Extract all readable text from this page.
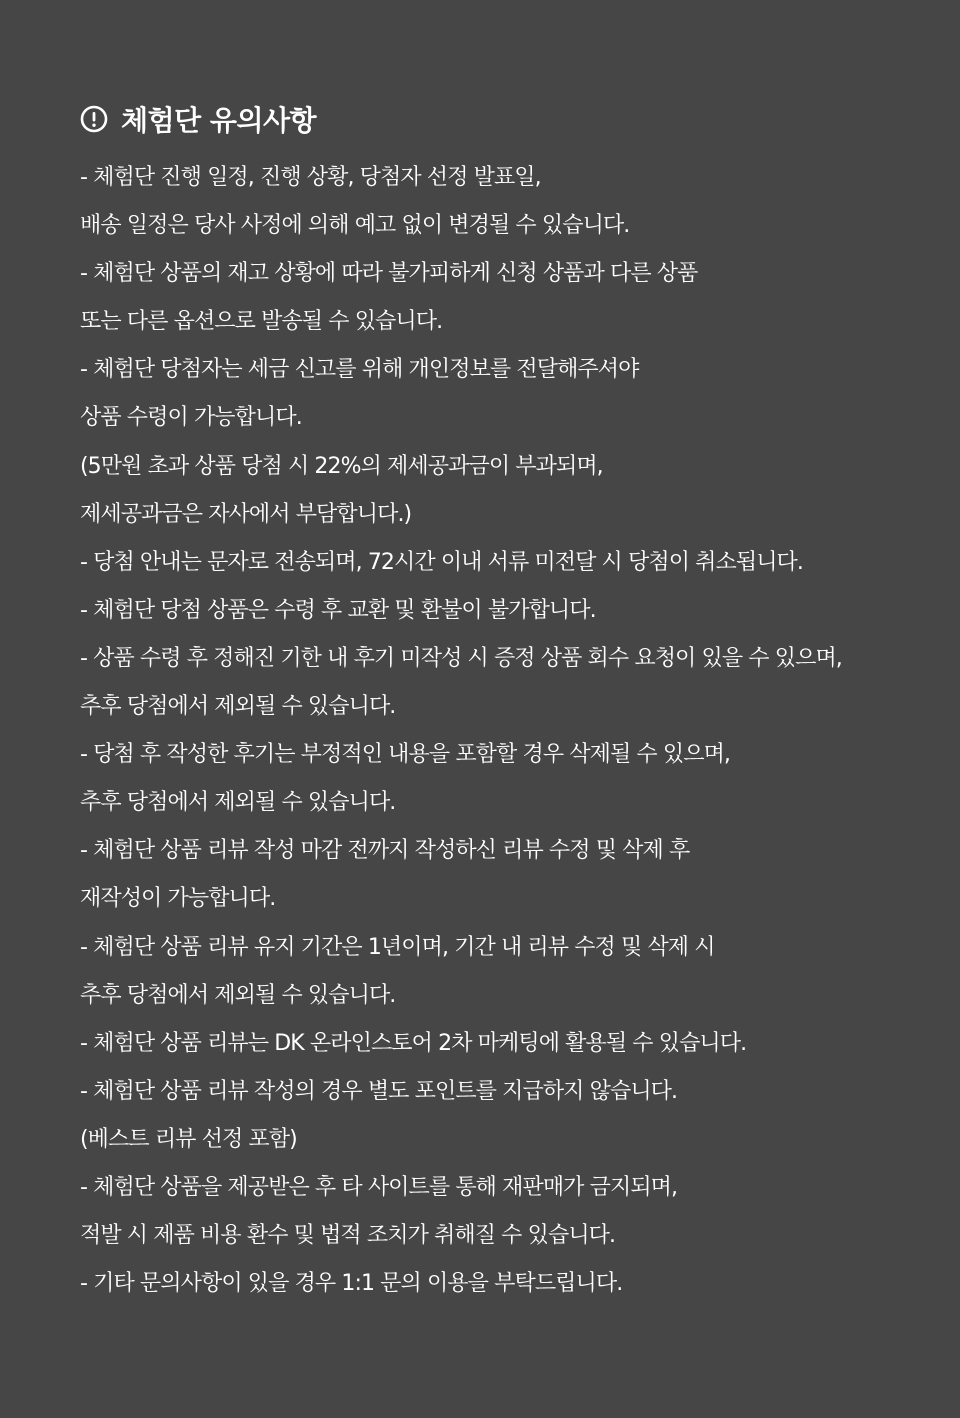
체험단 유의사항
- 체험단 진행 일정, 진행 상황, 당첨자 선정 발표일,
배송 일정은 당사 사정에 의해 예고 없이 변경될 수 있습니다.
- 체험단 상품의 재고 상황에 따라 불가피하게 신청 상품과 다른 상품
또는 다른 옵션으로 발송될 수 있습니다.
- 체험단 당첨자는 세금 신고를 위해 개인정보를 전달해주셔야
상품 수령이 가능합니다.
(5만원 초과 상품 당첨 시 22%의 제세공과금이 부과되며,
제세공과금은 자사에서 부담합니다.)
- 당첨 안내는 문자로 전송되며, 72시간 이내 서류 미전달 시 당첨이 취소됩니다.
- 체험단 당첨 상품은 수령 후 교환 및 환불이 불가합니다.
- 상품 수령 후 정해진 기한 내 후기 미작성 시 증정 상품 회수 요청이 있을 수 있으며,
추후 당첨에서 제외될 수 있습니다.
- 당첨 후 작성한 후기는 부정적인 내용을 포함할 경우 삭제될 수 있으며,
추후 당첨에서 제외될 수 있습니다.
- 체험단 상품 리뷰 작성 마감 전까지 작성하신 리뷰 수정 및 삭제 후
재작성이 가능합니다.
- 체험단 상품 리뷰 유지 기간은 1년이며, 기간 내 리뷰 수정 및 삭제 시
추후 당첨에서 제외될 수 있습니다.
- 체험단 상품 리뷰는 DK 온라인스토어 2차 마케팅에 활용될 수 있습니다.
- 체험단 상품 리뷰 작성의 경우 별도 포인트를 지급하지 않습니다.
(베스트 리뷰 선정 포함)
- 체험단 상품을 제공받은 후 타 사이트를 통해 재판매가 금지되며,
적발 시 제품 비용 환수 및 법적 조치가 취해질 수 있습니다.
- 기타 문의사항이 있을 경우 1:1 문의 이용을 부탁드립니다.
